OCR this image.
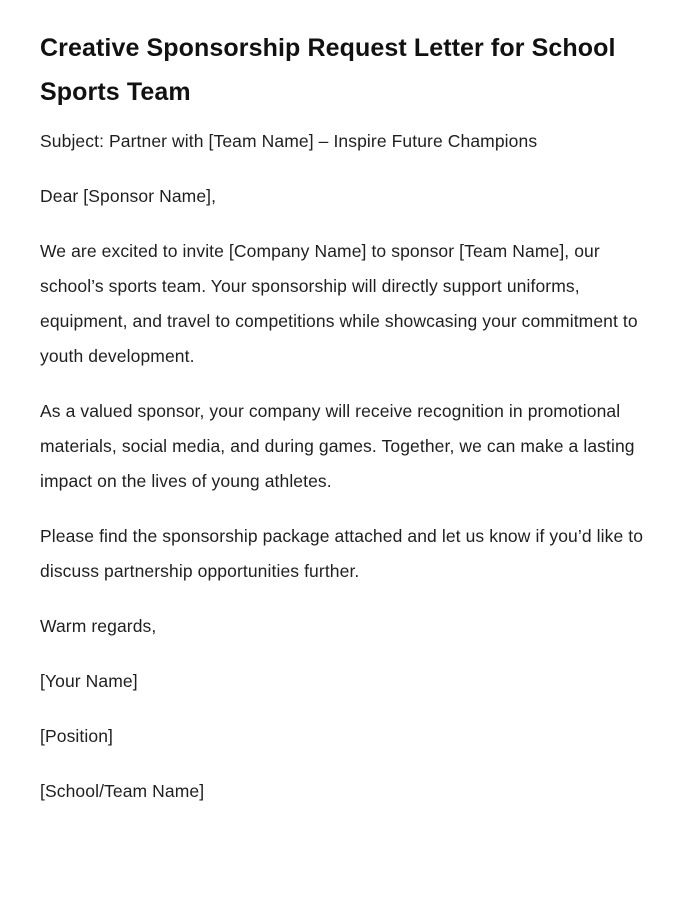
Creative Sponsorship Request Letter for School Sports Team

Subject: Partner with [Team Name] – Inspire Future Champions

Dear [Sponsor Name],

We are excited to invite [Company Name] to sponsor [Team Name], our school’s sports team. Your sponsorship will directly support uniforms, equipment, and travel to competitions while showcasing your commitment to youth development.

As a valued sponsor, your company will receive recognition in promotional materials, social media, and during games. Together, we can make a lasting impact on the lives of young athletes.

Please find the sponsorship package attached and let us know if you’d like to discuss partnership opportunities further.

Warm regards,

[Your Name]

[Position]

[School/Team Name]
